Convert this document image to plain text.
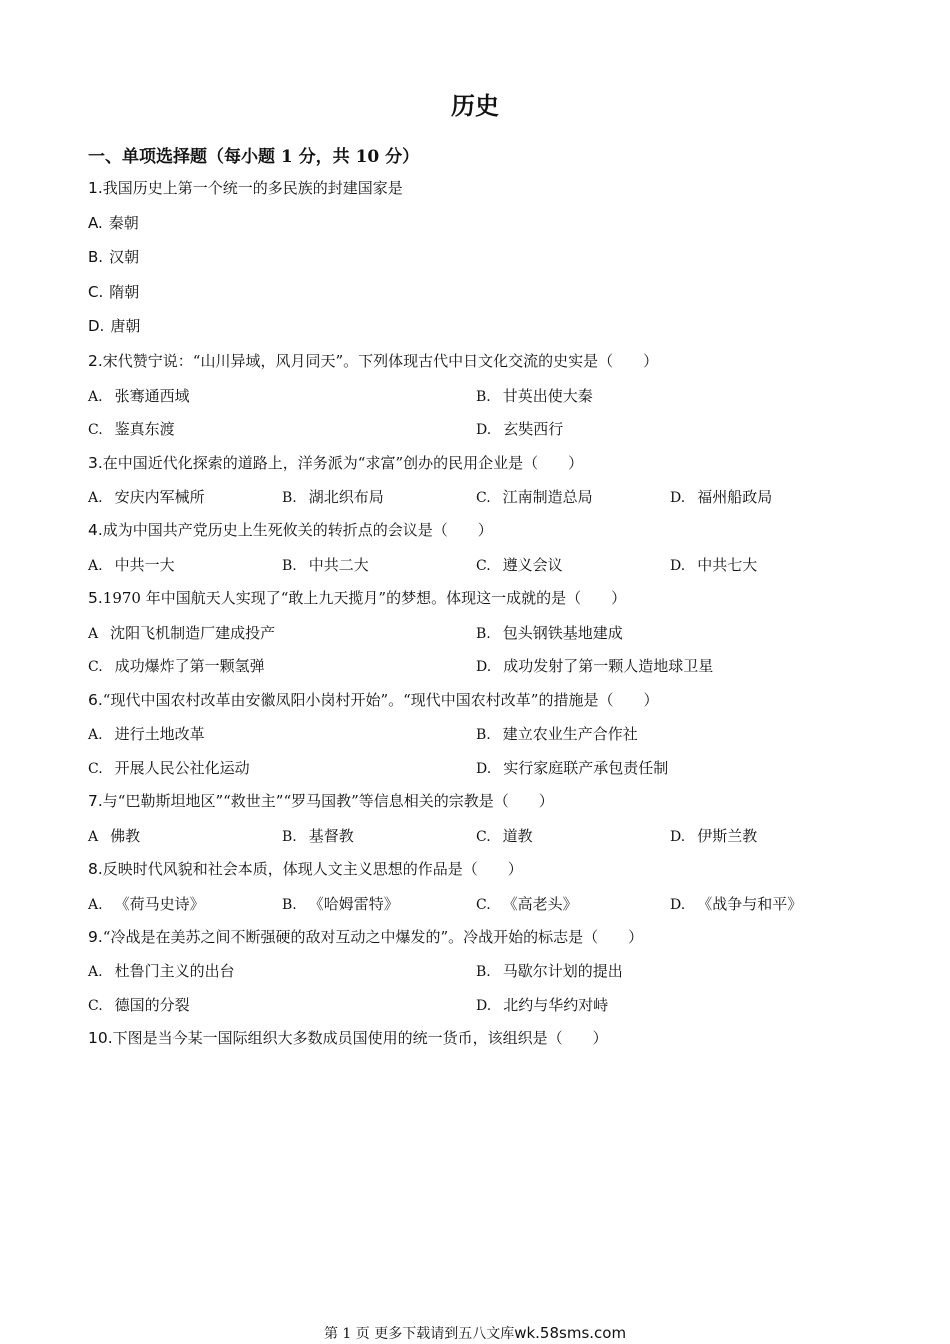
历史
一、单项选择题（每小题 1 分，共 10 分）
1.我国历史上第一个统一的多民族的封建国家是
A. 秦朝
B. 汉朝
C. 隋朝
D. 唐朝
2.宋代赞宁说：“山川异域，风月同天”。下列体现古代中日文化交流的史实是（　　）
A. 张骞通西域	B. 甘英出使大秦
C. 鉴真东渡	D. 玄奘西行
3.在中国近代化探索的道路上，洋务派为“求富”创办的民用企业是（　　）
A. 安庆内军械所	B. 湖北织布局	C. 江南制造总局	D. 福州船政局
4.成为中国共产党历史上生死攸关的转折点的会议是（　　）
A. 中共一大	B. 中共二大	C. 遵义会议	D. 中共七大
5.1970 年中国航天人实现了“敢上九天揽月”的梦想。体现这一成就的是（　　）
A 沈阳飞机制造厂建成投产	B. 包头钢铁基地建成
C. 成功爆炸了第一颗氢弹	D. 成功发射了第一颗人造地球卫星
6.“现代中国农村改革由安徽凤阳小岗村开始”。“现代中国农村改革”的措施是（　　）
A. 进行土地改革	B. 建立农业生产合作社
C. 开展人民公社化运动	D. 实行家庭联产承包责任制
7.与“巴勒斯坦地区”“救世主”“罗马国教”等信息相关的宗教是（　　）
A 佛教	B. 基督教	C. 道教	D. 伊斯兰教
8.反映时代风貌和社会本质，体现人文主义思想的作品是（　　）
A. 《荷马史诗》	B. 《哈姆雷特》	C. 《高老头》	D. 《战争与和平》
9.“冷战是在美苏之间不断强硬的敌对互动之中爆发的”。冷战开始的标志是（　　）
A. 杜鲁门主义的出台	B. 马歇尔计划的提出
C. 德国的分裂	D. 北约与华约对峙
10.下图是当今某一国际组织大多数成员国使用的统一货币，该组织是（　　）
第 1 页 更多下载请到五八文库wk.58sms.com
